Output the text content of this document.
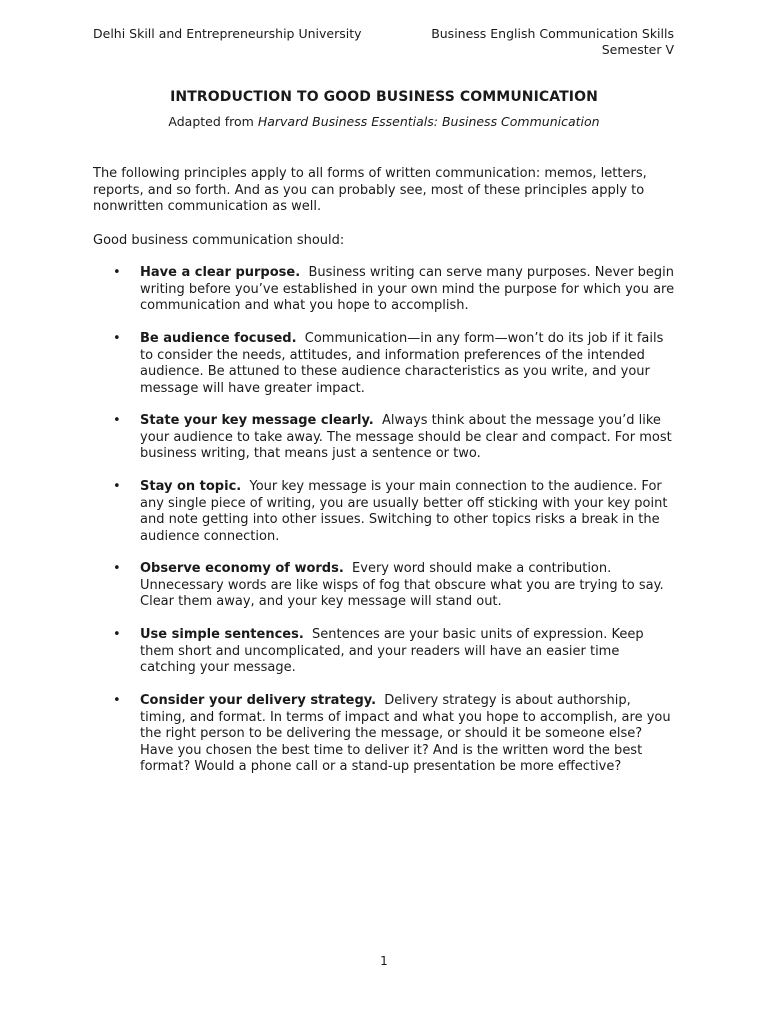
Delhi Skill and Entrepreneurship University	Business English Communication Skills
Semester V
INTRODUCTION TO GOOD BUSINESS COMMUNICATION
Adapted from Harvard Business Essentials: Business Communication
The following principles apply to all forms of written communication: memos, letters, reports, and so forth. And as you can probably see, most of these principles apply to nonwritten communication as well.
Good business communication should:
• Have a clear purpose. Business writing can serve many purposes. Never begin writing before you’ve established in your own mind the purpose for which you are communication and what you hope to accomplish.
• Be audience focused. Communication—in any form—won’t do its job if it fails to consider the needs, attitudes, and information preferences of the intended audience. Be attuned to these audience characteristics as you write, and your message will have greater impact.
• State your key message clearly. Always think about the message you’d like your audience to take away. The message should be clear and compact. For most business writing, that means just a sentence or two.
• Stay on topic. Your key message is your main connection to the audience. For any single piece of writing, you are usually better off sticking with your key point and note getting into other issues. Switching to other topics risks a break in the audience connection.
• Observe economy of words. Every word should make a contribution. Unnecessary words are like wisps of fog that obscure what you are trying to say. Clear them away, and your key message will stand out.
• Use simple sentences. Sentences are your basic units of expression. Keep them short and uncomplicated, and your readers will have an easier time catching your message.
• Consider your delivery strategy. Delivery strategy is about authorship, timing, and format. In terms of impact and what you hope to accomplish, are you the right person to be delivering the message, or should it be someone else? Have you chosen the best time to deliver it? And is the written word the best format? Would a phone call or a stand-up presentation be more effective?
1
